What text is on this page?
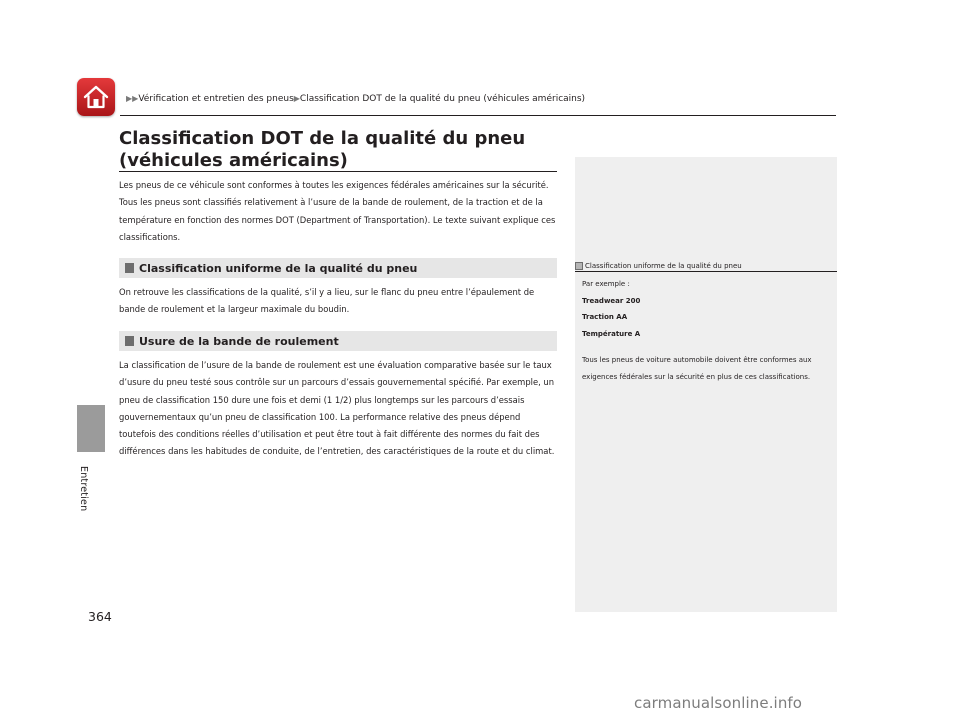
▶▶Vérification et entretien des pneus▶Classification DOT de la qualité du pneu (véhicules américains)
Entretien
Classification DOT de la qualité du pneu (véhicules américains)

Les pneus de ce véhicule sont conformes à toutes les exigences fédérales américaines sur la sécurité. Tous les pneus sont classifiés relativement à l’usure de la bande de roulement, de la traction et de la température en fonction des normes DOT (Department of Transportation). Le texte suivant explique ces classifications.

Classification uniforme de la qualité du pneu

On retrouve les classifications de la qualité, s’il y a lieu, sur le flanc du pneu entre l’épaulement de bande de roulement et la largeur maximale du boudin.

Usure de la bande de roulement

La classification de l’usure de la bande de roulement est une évaluation comparative basée sur le taux d’usure du pneu testé sous contrôle sur un parcours d’essais gouvernemental spécifié. Par exemple, un pneu de classification 150 dure une fois et demi (1 1/2) plus longtemps sur les parcours d’essais gouvernementaux qu’un pneu de classification 100. La performance relative des pneus dépend toutefois des conditions réelles d’utilisation et peut être tout à fait différente des normes du fait des différences dans les habitudes de conduite, de l’entretien, des caractéristiques de la route et du climat.

Classification uniforme de la qualité du pneu

Par exemple :

Treadwear 200

Traction AA

Température A

Tous les pneus de voiture automobile doivent être conformes aux exigences fédérales sur la sécurité en plus de ces classifications.

364
carmanualsonline.info
